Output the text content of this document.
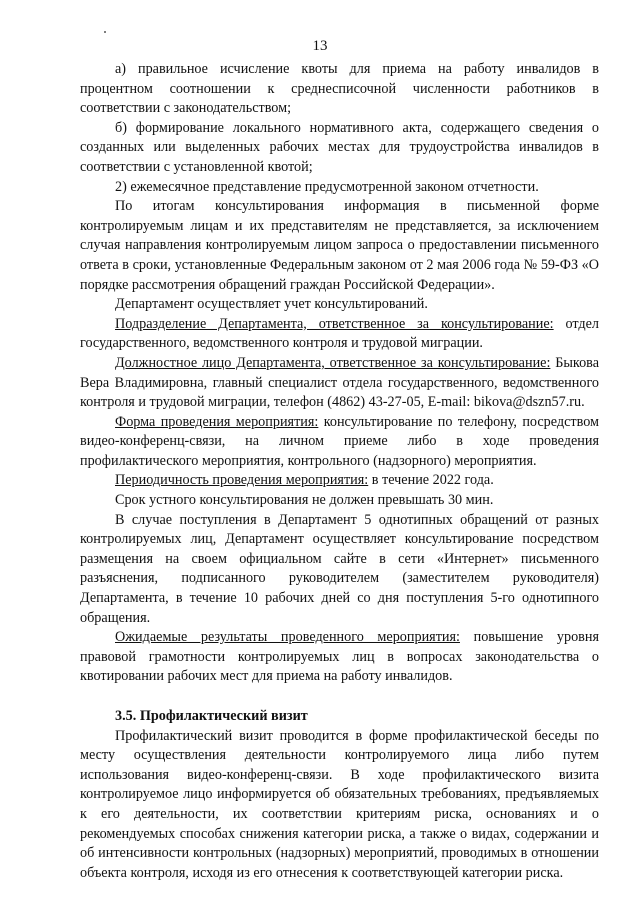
13

а) правильное исчисление квоты для приема на работу инвалидов в процентном соотношении к среднесписочной численности работников в соответствии с законодательством;

б) формирование локального нормативного акта, содержащего сведения о созданных или выделенных рабочих местах для трудоустройства инвалидов в соответствии с установленной квотой;

2) ежемесячное представление предусмотренной законом отчетности.

По итогам консультирования информация в письменной форме контролируемым лицам и их представителям не представляется, за исключением случая направления контролируемым лицом запроса о предоставлении письменного ответа в сроки, установленные Федеральным законом от 2 мая 2006 года № 59-ФЗ «О порядке рассмотрения обращений граждан Российской Федерации».

Департамент осуществляет учет консультирований.

Подразделение Департамента, ответственное за консультирование: отдел государственного, ведомственного контроля и трудовой миграции.

Должностное лицо Департамента, ответственное за консультирование: Быкова Вера Владимировна, главный специалист отдела государственного, ведомственного контроля и трудовой миграции, телефон (4862) 43-27-05, E-mail: bikova@dszn57.ru.

Форма проведения мероприятия: консультирование по телефону, посредством видео-конференц-связи, на личном приеме либо в ходе проведения профилактического мероприятия, контрольного (надзорного) мероприятия.

Периодичность проведения мероприятия: в течение 2022 года.

Срок устного консультирования не должен превышать 30 мин.

В случае поступления в Департамент 5 однотипных обращений от разных контролируемых лиц, Департамент осуществляет консультирование посредством размещения на своем официальном сайте в сети «Интернет» письменного разъяснения, подписанного руководителем (заместителем руководителя) Департамента, в течение 10 рабочих дней со дня поступления 5-го однотипного обращения.

Ожидаемые результаты проведенного мероприятия: повышение уровня правовой грамотности контролируемых лиц в вопросах законодательства о квотировании рабочих мест для приема на работу инвалидов.

3.5. Профилактический визит

Профилактический визит проводится в форме профилактической беседы по месту осуществления деятельности контролируемого лица либо путем использования видео-конференц-связи. В ходе профилактического визита контролируемое лицо информируется об обязательных требованиях, предъявляемых к его деятельности, их соответствии критериям риска, основаниях и о рекомендуемых способах снижения категории риска, а также о видах, содержании и об интенсивности контрольных (надзорных) мероприятий, проводимых в отношении объекта контроля, исходя из его отнесения к соответствующей категории риска.
